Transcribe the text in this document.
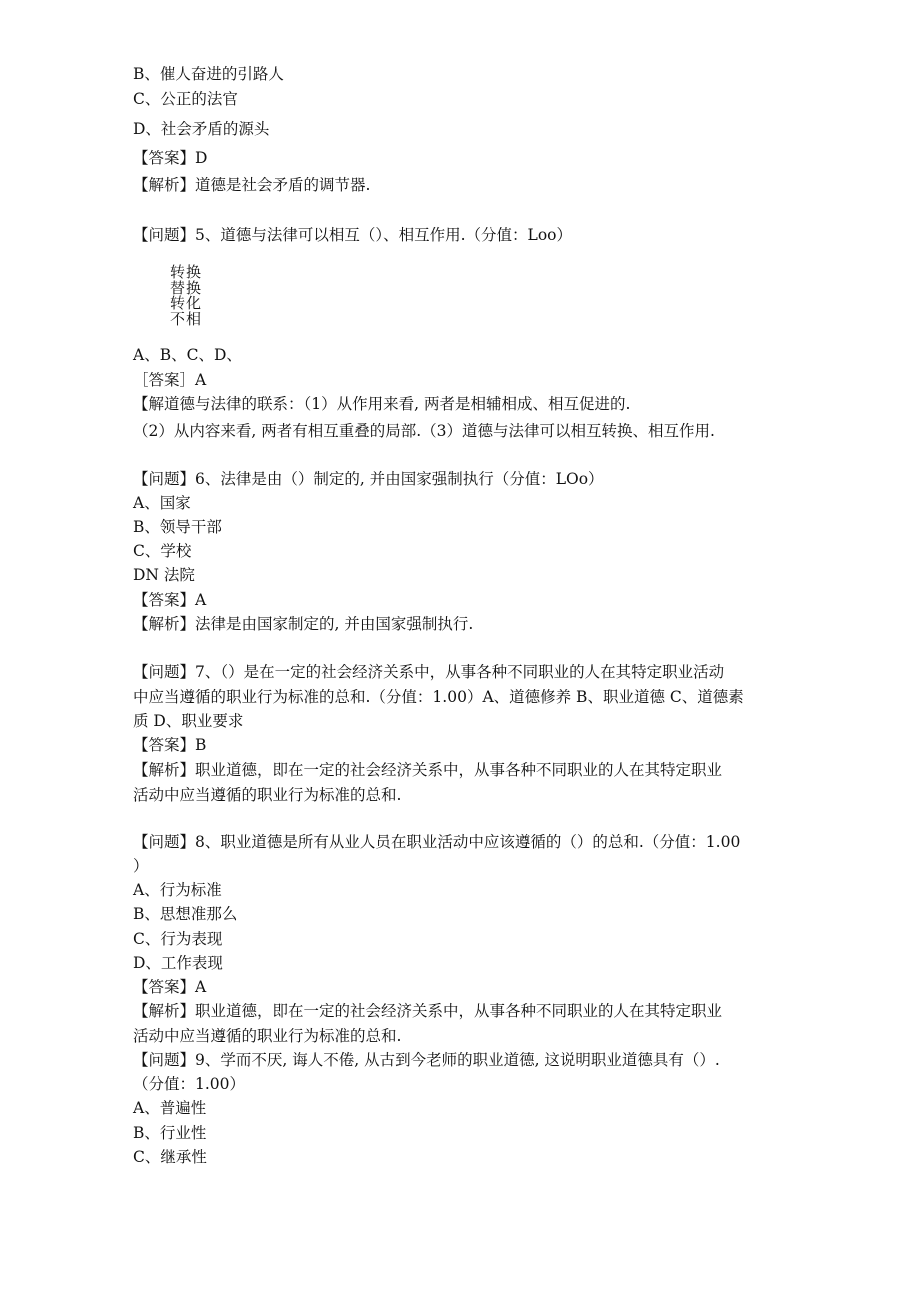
B、催人奋进的引路人
C、公正的法官
D、社会矛盾的源头
【答案】D
【解析】道德是社会矛盾的调节器.
【问题】5、道德与法律可以相互（）、相互作用.（分值：Loo）
转换
替换
转化
不相
A、B、C、D、
［答案］A
【解道德与法律的联系：（1）从作用来看, 两者是相辅相成、相互促进的.
（2）从内容来看, 两者有相互重叠的局部.（3）道德与法律可以相互转换、相互作用.
【问题】6、法律是由（）制定的, 并由国家强制执行（分值：LOo）
A、国家
B、领导干部
C、学校
DN 法院
【答案】A
【解析】法律是由国家制定的, 并由国家强制执行.
【问题】7、（）是在一定的社会经济关系中，从事各种不同职业的人在其特定职业活动
中应当遵循的职业行为标准的总和.（分值：1.00）A、道德修养 B、职业道德 C、道德素
质 D、职业要求
【答案】B
【解析】职业道德，即在一定的社会经济关系中，从事各种不同职业的人在其特定职业
活动中应当遵循的职业行为标准的总和.
【问题】8、职业道德是所有从业人员在职业活动中应该遵循的（）的总和.（分值：1.00
）
A、行为标准
B、思想准那么
C、行为表现
D、工作表现
【答案】A
【解析】职业道德，即在一定的社会经济关系中，从事各种不同职业的人在其特定职业
活动中应当遵循的职业行为标准的总和.
【问题】9、学而不厌, 诲人不倦, 从古到今老师的职业道德, 这说明职业道德具有（）.
（分值：1.00）
A、普遍性
B、行业性
C、继承性
